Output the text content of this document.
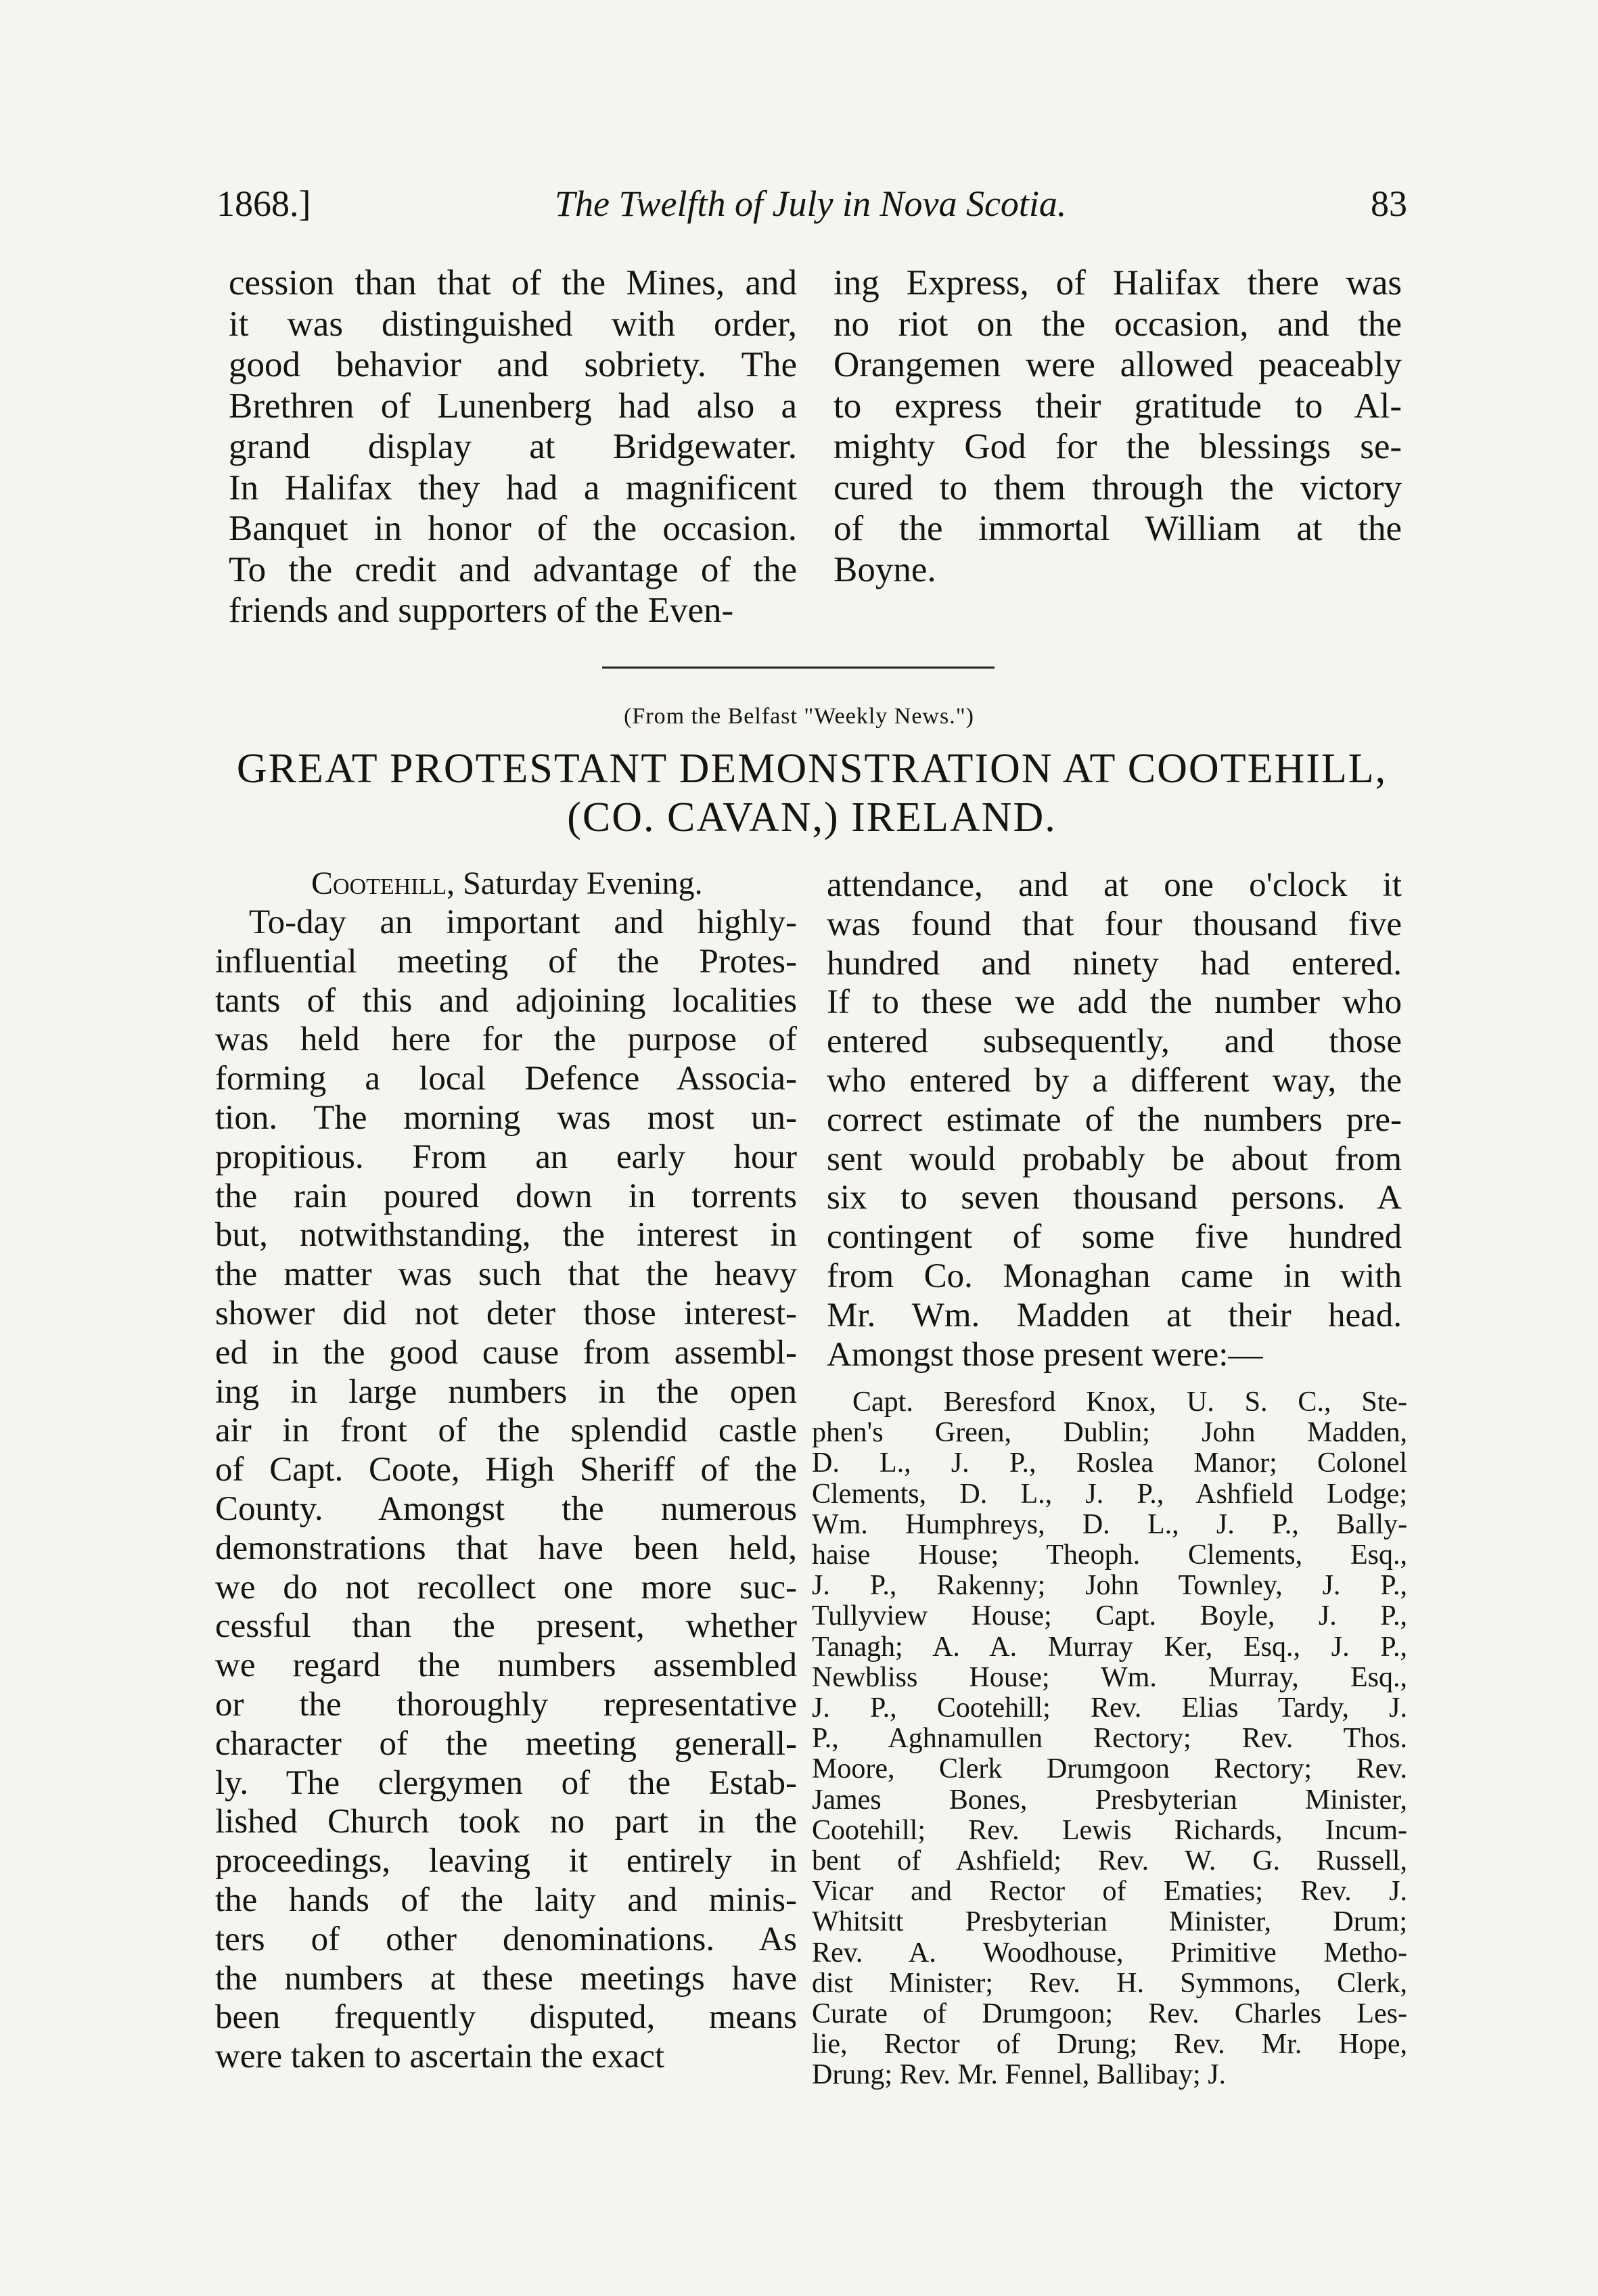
1868.]	The Twelfth of July in Nova Scotia.	83
cession than that of the Mines, and
it was distinguished with order,
good behavior and sobriety. The
Brethren of Lunenberg had also a
grand display at Bridgewater.
In Halifax they had a magnificent
Banquet in honor of the occasion.
To the credit and advantage of the
friends and supporters of the Even-
ing Express, of Halifax there was
no riot on the occasion, and the
Orangemen were allowed peaceably
to express their gratitude to Al-
mighty God for the blessings se-
cured to them through the victory
of the immortal William at the
Boyne.
(From the Belfast "Weekly News.")
GREAT PROTESTANT DEMONSTRATION AT COOTEHILL,
(CO. CAVAN,) IRELAND.
Cootehill, Saturday Evening.
To-day an important and highly-
influential meeting of the Protes-
tants of this and adjoining localities
was held here for the purpose of
forming a local Defence Associa-
tion. The morning was most un-
propitious. From an early hour
the rain poured down in torrents
but, notwithstanding, the interest in
the matter was such that the heavy
shower did not deter those interest-
ed in the good cause from assembl-
ing in large numbers in the open
air in front of the splendid castle
of Capt. Coote, High Sheriff of the
County. Amongst the numerous
demonstrations that have been held,
we do not recollect one more suc-
cessful than the present, whether
we regard the numbers assembled
or the thoroughly representative
character of the meeting generall-
ly. The clergymen of the Estab-
lished Church took no part in the
proceedings, leaving it entirely in
the hands of the laity and minis-
ters of other denominations. As
the numbers at these meetings have
been frequently disputed, means
were taken to ascertain the exact
attendance, and at one o'clock it
was found that four thousand five
hundred and ninety had entered.
If to these we add the number who
entered subsequently, and those
who entered by a different way, the
correct estimate of the numbers pre-
sent would probably be about from
six to seven thousand persons. A
contingent of some five hundred
from Co. Monaghan came in with
Mr. Wm. Madden at their head.
Amongst those present were:—
Capt. Beresford Knox, U. S. C., Ste-
phen's Green, Dublin; John Madden,
D. L., J. P., Roslea Manor; Colonel
Clements, D. L., J. P., Ashfield Lodge;
Wm. Humphreys, D. L., J. P., Bally-
haise House; Theoph. Clements, Esq.,
J. P., Rakenny; John Townley, J. P.,
Tullyview House; Capt. Boyle, J. P.,
Tanagh; A. A. Murray Ker, Esq., J. P.,
Newbliss House; Wm. Murray, Esq.,
J. P., Cootehill; Rev. Elias Tardy, J.
P., Aghnamullen Rectory; Rev. Thos.
Moore, Clerk Drumgoon Rectory; Rev.
James Bones, Presbyterian Minister,
Cootehill; Rev. Lewis Richards, Incum-
bent of Ashfield; Rev. W. G. Russell,
Vicar and Rector of Ematies; Rev. J.
Whitsitt Presbyterian Minister, Drum;
Rev. A. Woodhouse, Primitive Metho-
dist Minister; Rev. H. Symmons, Clerk,
Curate of Drumgoon; Rev. Charles Les-
lie, Rector of Drung; Rev. Mr. Hope,
Drung; Rev. Mr. Fennel, Ballibay; J.
